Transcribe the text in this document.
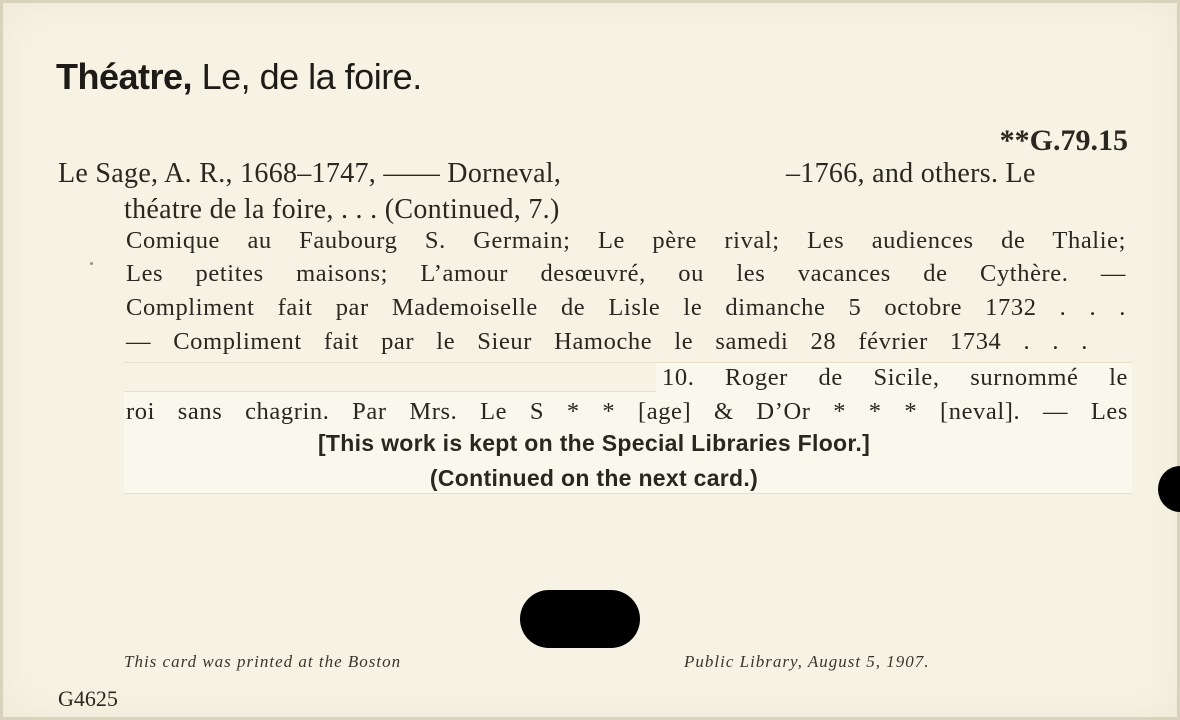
Théatre, Le, de la foire.
**G.79.15
Le Sage, A. R., 1668–1747, —— Dorneval,	–1766, and others. Le
théatre de la foire, . . . (Continued, 7.)
Comique au Faubourg S. Germain; Le père rival; Les audiences de Thalie;
Les petites maisons; L’amour desœuvré, ou les vacances de Cythère. —
Compliment fait par Mademoiselle de Lisle le dimanche 5 octobre 1732 . . .
— Compliment fait par le Sieur Hamoche le samedi 28 février 1734 . . .
10. Roger de Sicile, surnommé le
roi sans chagrin. Par Mrs. Le S * * [age] & D’Or * * * [neval]. — Les
[This work is kept on the Special Libraries Floor.]
(Continued on the next card.)
This card was printed at the Boston	Public Library, August 5, 1907.
G4625
